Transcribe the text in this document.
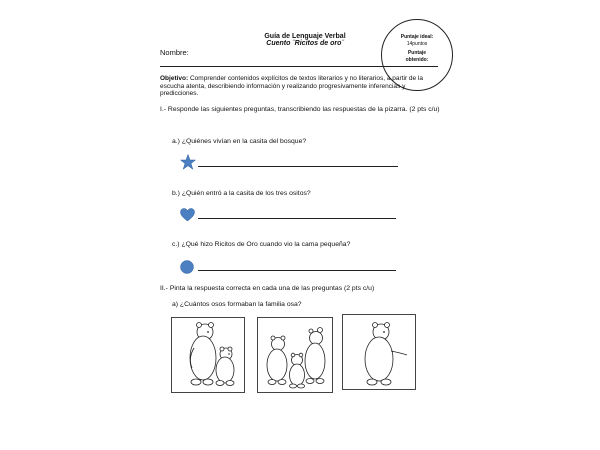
Guía de Lenguaje Verbal
Cuento ¨Ricitos de oro¨
Nombre:
Puntaje ideal:
14puntos
Puntaje
obtenido:
Objetivo: Comprender contenidos explícitos de textos literarios y no literarios, a partir de la escucha atenta, describiendo información y realizando progresivamente inferencias y predicciones.
I.- Responde las siguientes preguntas, transcribiendo las respuestas de la pizarra. (2 pts c/u)
a.) ¿Quiénes vivían en la casita del bosque?
b.) ¿Quién entró a la casita de los tres ositos?
c.) ¿Qué hizo Ricitos de Oro cuando vio la cama pequeña?
II.- Pinta la respuesta correcta en cada una de las preguntas (2 pts c/u)
a) ¿Cuántos osos formaban la familia osa?
